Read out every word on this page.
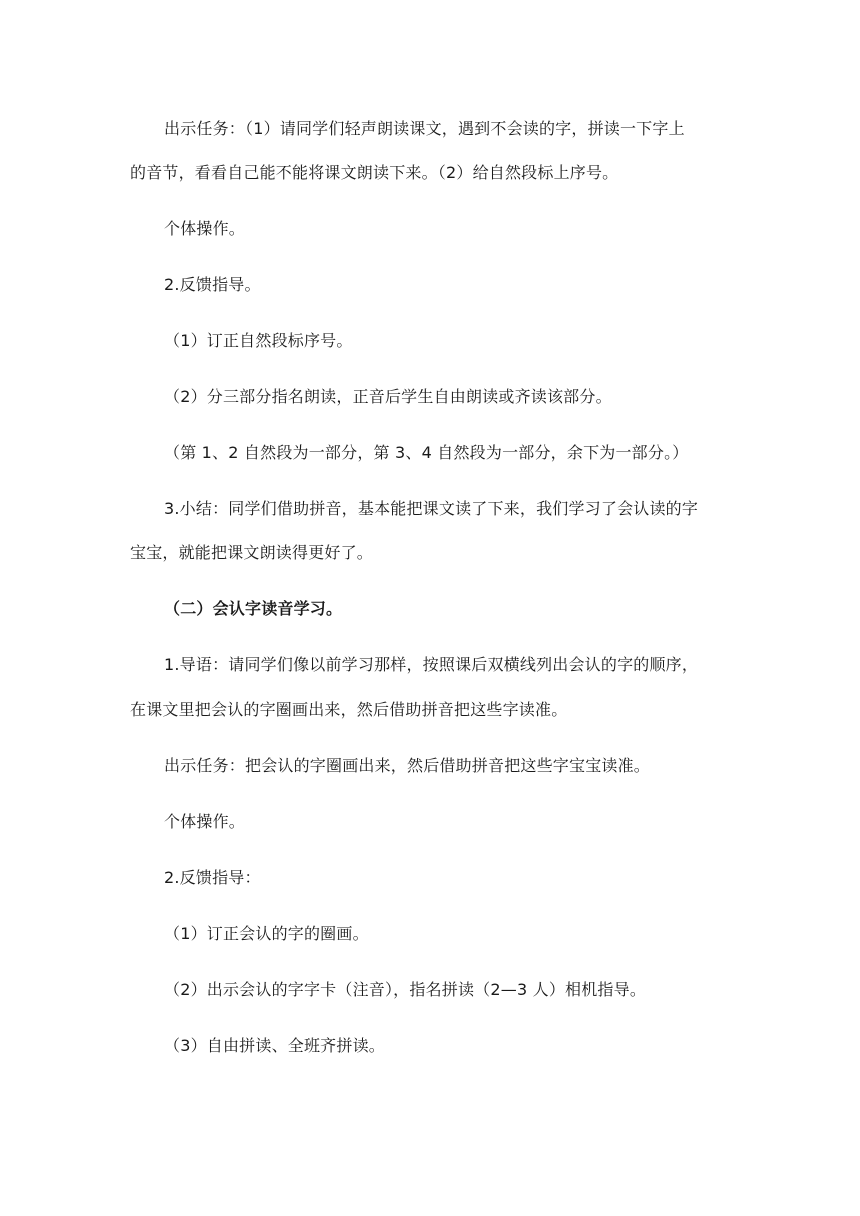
出示任务：（1）请同学们轻声朗读课文，遇到不会读的字，拼读一下字上
的音节，看看自己能不能将课文朗读下来。（2）给自然段标上序号。
个体操作。
2.反馈指导。
（1）订正自然段标序号。
（2）分三部分指名朗读，正音后学生自由朗读或齐读该部分。
（第 1、2 自然段为一部分，第 3、4 自然段为一部分，余下为一部分。）
3.小结：同学们借助拼音，基本能把课文读了下来，我们学习了会认读的字
宝宝，就能把课文朗读得更好了。
（二）会认字读音学习。
1.导语：请同学们像以前学习那样，按照课后双横线列出会认的字的顺序，
在课文里把会认的字圈画出来，然后借助拼音把这些字读准。
出示任务：把会认的字圈画出来，然后借助拼音把这些字宝宝读准。
个体操作。
2.反馈指导：
（1）订正会认的字的圈画。
（2）出示会认的字字卡（注音），指名拼读（2—3 人）相机指导。
（3）自由拼读、全班齐拼读。
